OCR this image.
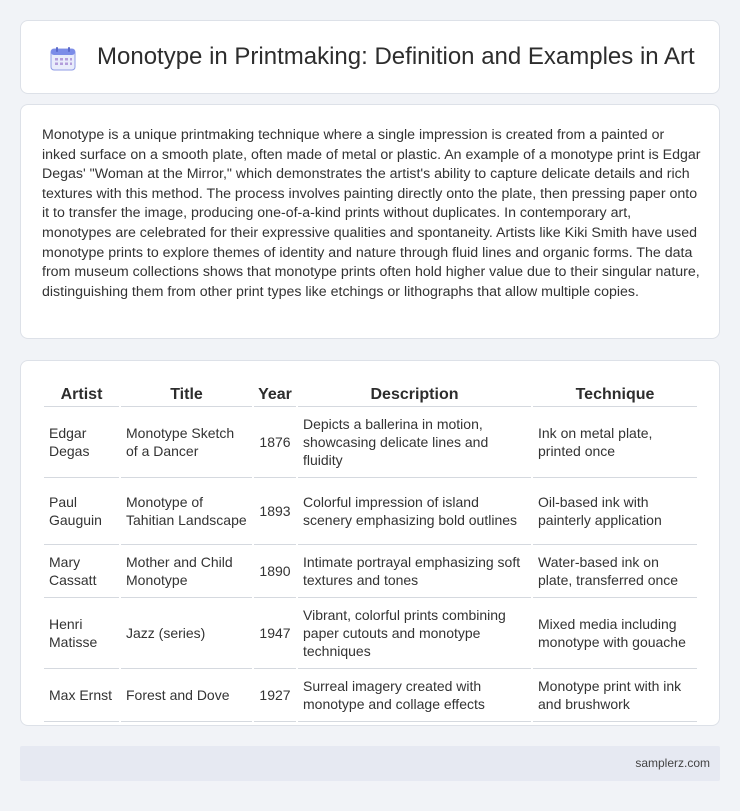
Monotype in Printmaking: Definition and Examples in Art

Monotype is a unique printmaking technique where a single impression is created from a painted or inked surface on a smooth plate, often made of metal or plastic. An example of a monotype print is Edgar Degas' "Woman at the Mirror," which demonstrates the artist's ability to capture delicate details and rich textures with this method. The process involves painting directly onto the plate, then pressing paper onto it to transfer the image, producing one-of-a-kind prints without duplicates. In contemporary art, monotypes are celebrated for their expressive qualities and spontaneity. Artists like Kiki Smith have used monotype prints to explore themes of identity and nature through fluid lines and organic forms. The data from museum collections shows that monotype prints often hold higher value due to their singular nature, distinguishing them from other print types like etchings or lithographs that allow multiple copies.

Artist	Title	Year	Description	Technique
Edgar Degas	Monotype Sketch of a Dancer	1876	Depicts a ballerina in motion, showcasing delicate lines and fluidity	Ink on metal plate, printed once
Paul Gauguin	Monotype of Tahitian Landscape	1893	Colorful impression of island scenery emphasizing bold outlines	Oil-based ink with painterly application
Mary Cassatt	Mother and Child Monotype	1890	Intimate portrayal emphasizing soft textures and tones	Water-based ink on plate, transferred once
Henri Matisse	Jazz (series)	1947	Vibrant, colorful prints combining paper cutouts and monotype techniques	Mixed media including monotype with gouache
Max Ernst	Forest and Dove	1927	Surreal imagery created with monotype and collage effects	Monotype print with ink and brushwork
samplerz.com
